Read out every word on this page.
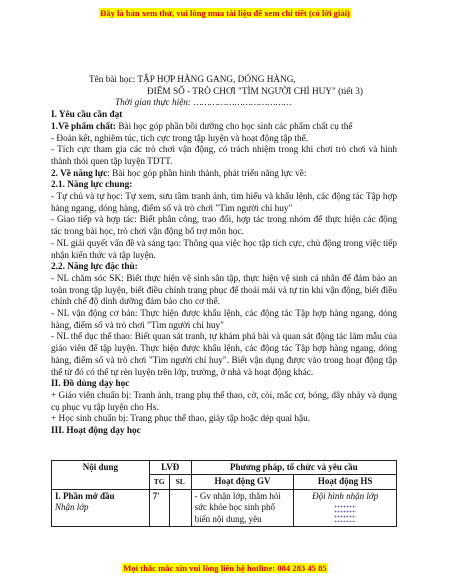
Đây là bản xem thử, vui lòng mua tài liệu để xem chi tiết (có lời giải)

Tên bài học: TẬP HỢP HÀNG GANG, DÓNG HÀNG,

ĐIỂM SỐ - TRÒ CHƠI "TÌM NGƯỜI CHỈ HUY" (tiết 3)

Thời gian thực hiện: ………………………………

I. Yêu cầu cần đạt

1.Về phẩm chất: Bài học góp phần bồi dưỡng cho học sinh các phẩm chất cụ thể

- Đoàn kết, nghiêm túc, tích cực trong tập luyện và hoạt động tập thể.

- Tích cực tham gia các trò chơi vận động, có trách nhiệm trong khi chơi trò chơi và hình thành thói quen tập luyện TDTT.

2. Về năng lực: Bài học góp phần hình thành, phát triển năng lực về:

2.1. Năng lực chung:

- Tự chủ và tự học: Tự xem, sưu tầm tranh ảnh, tìm hiểu và khẩu lệnh, các động tác Tập hợp hàng ngang, dóng hàng, điểm số và trò chơi "Tìm người chỉ huy"

- Giao tiếp và hợp tác: Biết phân công, trao đổi, hợp tác trong nhóm để thực hiện các động tác trong bài học, trò chơi vận động bổ trợ môn học.

- NL giải quyết vấn đề và sáng tạo: Thông qua việc học tập tích cực, chủ động trong việc tiếp nhận kiến thức và tập luyện.

2.2. Năng lực đặc thù:

- NL chăm sóc SK: Biết thực hiện vệ sinh sân tập, thực hiện vệ sinh cá nhân để đảm bảo an toàn trong tập luyện, biết điều chỉnh trang phục để thoải mái và tự tin khi vận động, biết điều chỉnh chế độ dinh dưỡng đảm bảo cho cơ thể.

- NL vận động cơ bản: Thực hiện được khẩu lệnh, các động tác Tập hợp hàng ngang, dóng hàng, điểm số và trò chơi "Tìm người chỉ huy"

- NL thể dục thể thao: Biết quan sát tranh, tự khám phá bài và quan sát động tác làm mẫu của giáo viên để tập luyện. Thực hiện được khẩu lệnh, các động tác Tập hợp hàng ngang, dóng hàng, điểm số và trò chơi "Tìm người chỉ huy". Biết vận dụng được vào trong hoạt động tập thể từ đó có thể tự rèn luyện trên lớp, trường, ở nhà và hoạt động khác.

II. Đồ dùng dạy học

+ Giáo viên chuẩn bị: Tranh ảnh, trang phụ thể thao, cờ, còi, mắc cơ, bóng, dây nhảy và dụng cụ phục vụ tập luyện cho Hs.

+ Học sinh chuẩn bị: Trang phục thể thao, giày tập hoặc dép quai hậu.

III. Hoạt động dạy học

Nội dung	LVĐ		Phương pháp, tổ chức và yêu cầu	
	TG	SL	Hoạt động GV	Hoạt động HS

I. Phần mở đầu
Nhận lớp	7'		- Gv nhận lớp, thăm hỏi sức khỏe học sinh phổ biến nội dung, yêu	Đội hình nhận lớp
Mọi thắc mắc xin vui lòng liên hệ hotline: 084 283 45 85
